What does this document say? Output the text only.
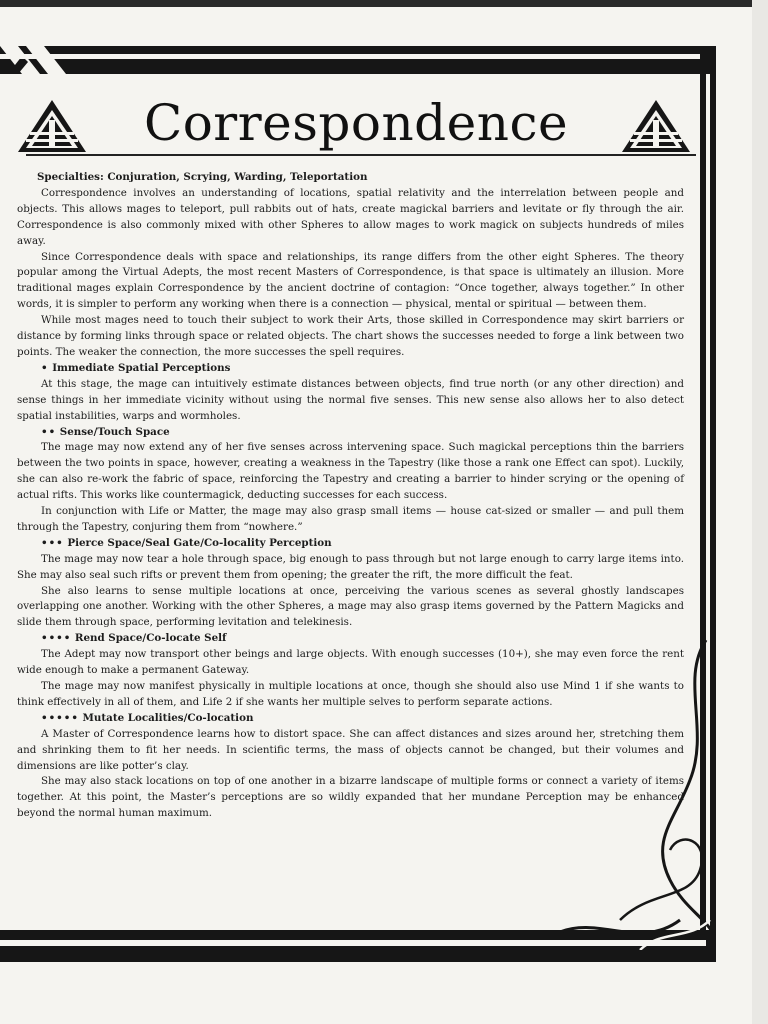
Correspondence

Specialties: Conjuration, Scrying, Warding, Teleportation

Correspondence involves an understanding of locations, spatial relativity and the interrelation between people and objects. This allows mages to teleport, pull rabbits out of hats, create magickal barriers and levitate or fly through the air. Correspondence is also commonly mixed with other Spheres to allow mages to work magick on subjects hundreds of miles away.

Since Correspondence deals with space and relationships, its range differs from the other eight Spheres. The theory popular among the Virtual Adepts, the most recent Masters of Correspondence, is that space is ultimately an illusion. More traditional mages explain Correspondence by the ancient doctrine of contagion: “Once together, always together.” In other words, it is simpler to perform any working when there is a connection — physical, mental or spiritual — between them.

While most mages need to touch their subject to work their Arts, those skilled in Correspondence may skirt barriers or distance by forming links through space or related objects. The chart shows the successes needed to forge a link between two points. The weaker the connection, the more successes the spell requires.

• Immediate Spatial Perceptions

At this stage, the mage can intuitively estimate distances between objects, find true north (or any other direction) and sense things in her immediate vicinity without using the normal five senses. This new sense also allows her to also detect spatial instabilities, warps and wormholes.

•• Sense/Touch Space

The mage may now extend any of her five senses across intervening space. Such magickal perceptions thin the barriers between the two points in space, however, creating a weakness in the Tapestry (like those a rank one Effect can spot). Luckily, she can also re-work the fabric of space, reinforcing the Tapestry and creating a barrier to hinder scrying or the opening of actual rifts. This works like countermagick, deducting successes for each success.

In conjunction with Life or Matter, the mage may also grasp small items — house cat-sized or smaller — and pull them through the Tapestry, conjuring them from “nowhere.”

••• Pierce Space/Seal Gate/Co-locality Perception

The mage may now tear a hole through space, big enough to pass through but not large enough to carry large items into. She may also seal such rifts or prevent them from opening; the greater the rift, the more difficult the feat.

She also learns to sense multiple locations at once, perceiving the various scenes as several ghostly landscapes overlapping one another. Working with the other Spheres, a mage may also grasp items governed by the Pattern Magicks and slide them through space, performing levitation and telekinesis.

•••• Rend Space/Co-locate Self

The Adept may now transport other beings and large objects. With enough successes (10+), she may even force the rent wide enough to make a permanent Gateway.

The mage may now manifest physically in multiple locations at once, though she should also use Mind 1 if she wants to think effectively in all of them, and Life 2 if she wants her multiple selves to perform separate actions.

••••• Mutate Localities/Co-location

A Master of Correspondence learns how to distort space. She can affect distances and sizes around her, stretching them and shrinking them to fit her needs. In scientific terms, the mass of objects cannot be changed, but their volumes and dimensions are like potter’s clay.

She may also stack locations on top of one another in a bizarre landscape of multiple forms or connect a variety of items together. At this point, the Master’s perceptions are so wildly expanded that her mundane Perception may be enhanced beyond the normal human maximum.
